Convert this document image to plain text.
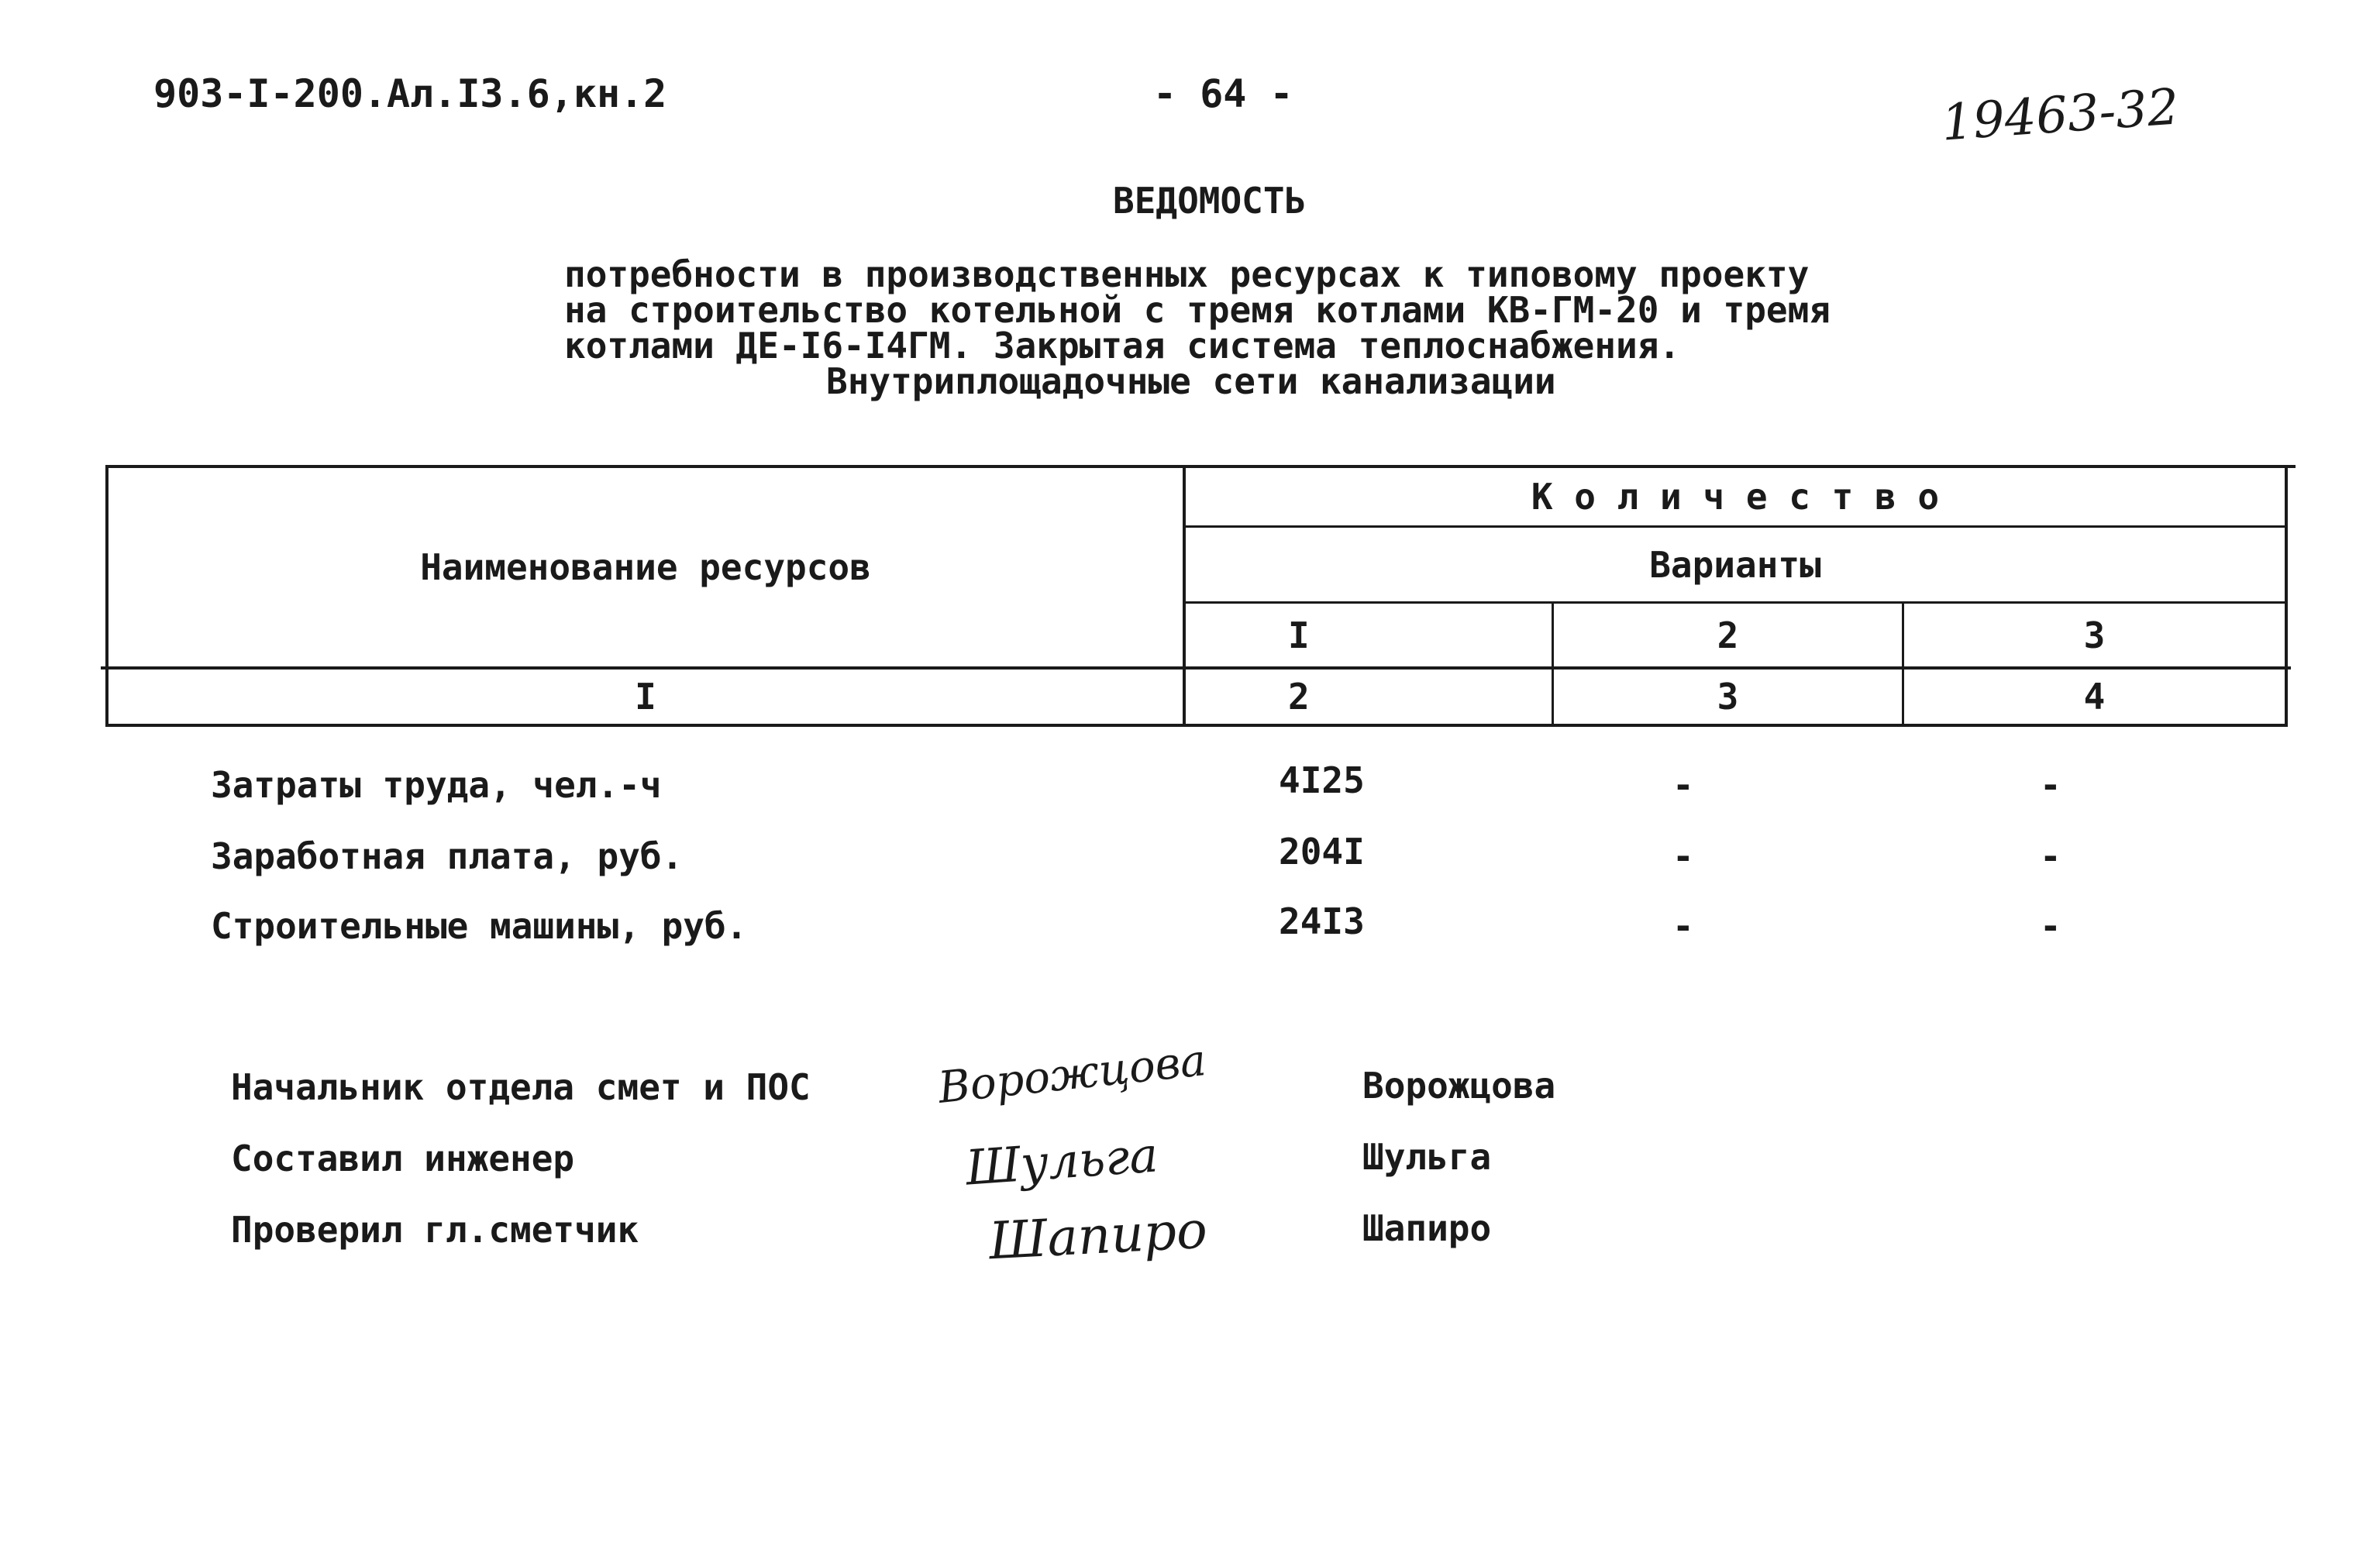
903-I-200.Ал.I3.6,кн.2	- 64 -	19463-32
ВЕДОМОСТЬ
потребности в производственных ресурсах к типовому проекту
на строительство котельной с тремя котлами КВ-ГМ-20 и тремя
котлами ДЕ-I6-I4ГМ. Закрытая система теплоснабжения.
Внутриплощадочные сети канализации
Наименование ресурсов
К о л и ч е с т в о
Варианты
I	2	3
I	2	3	4
Затраты труда, чел.-ч	4I25	-	-
Заработная плата, руб.	204I	-	-
Строительные машины, руб.	24I3	-	-
Начальник отдела смет и ПОС	Ворожцова	Ворожцова
Составил инженер	Шульга	Шульга
Проверил гл.сметчик	Шапиро	Шапиро
